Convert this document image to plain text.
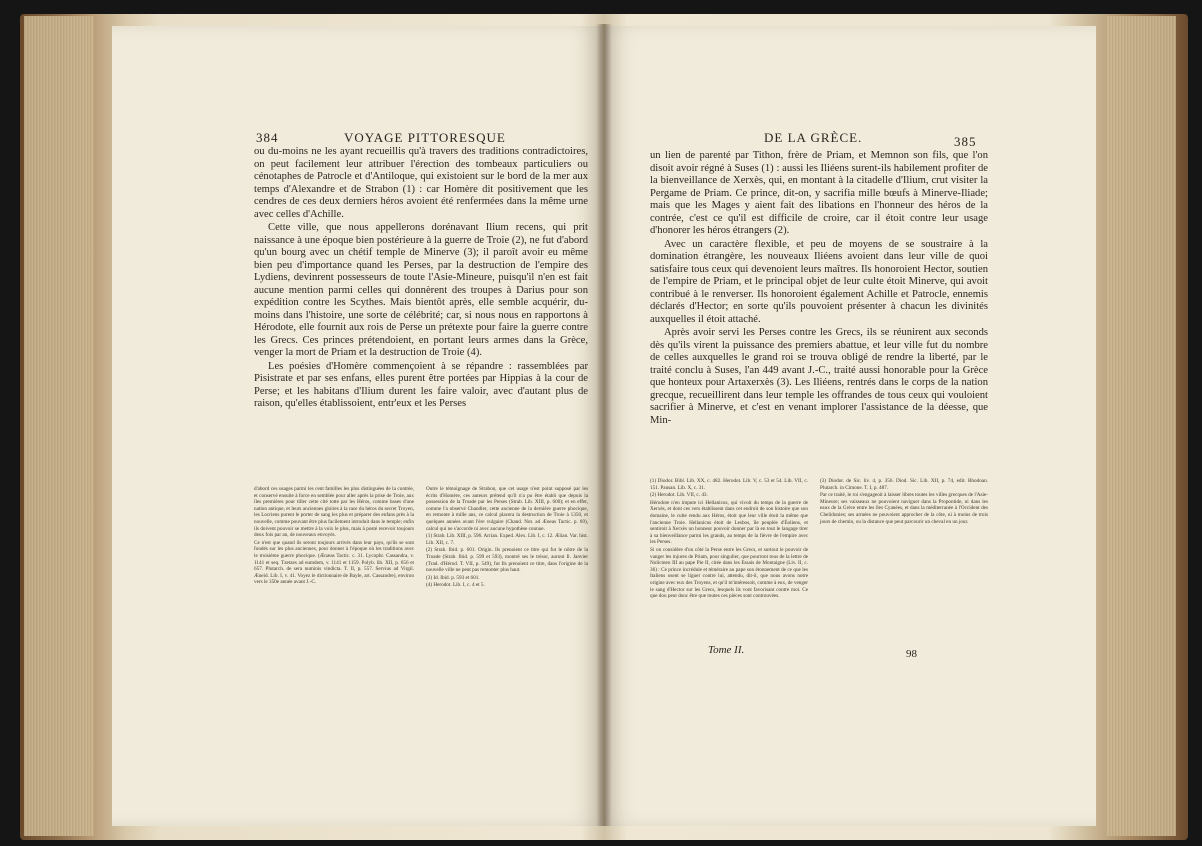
384	VOYAGE PITTORESQUE

ou du-moins ne les ayant recueillis qu'à travers des traditions contradictoires, on peut facilement leur attribuer l'érection des tombeaux particuliers ou cénotaphes de Patrocle et d'Antiloque, qui existoient sur le bord de la mer aux temps d'Alexandre et de Strabon (1) : car Homère dit positivement que les cendres de ces deux derniers héros avoient été renfermées dans la même urne avec celles d'Achille.

Cette ville, que nous appellerons dorénavant Ilium recens, qui prit naissance à une époque bien postérieure à la guerre de Troie (2), ne fut d'abord qu'un bourg avec un chétif temple de Minerve (3); il paroît avoir eu même bien peu d'importance quand les Perses, par la destruction de l'empire des Lydiens, devinrent possesseurs de toute l'Asie-Mineure, puisqu'il n'en est fait aucune mention parmi celles qui donnèrent des troupes à Darius pour son expédition contre les Scythes. Mais bientôt après, elle semble acquérir, du-moins dans l'histoire, une sorte de célébrité; car, si nous nous en rapportons à Hérodote, elle fournit aux rois de Perse un prétexte pour faire la guerre contre les Grecs. Ces princes prétendoient, en portant leurs armes dans la Grèce, venger la mort de Priam et la destruction de Troie (4).

Les poésies d'Homère commençoient à se répandre : rassemblées par Pisistrate et par ses enfans, elles purent être portées par Hippias à la cour de Perse; et les habitans d'Ilium durent les faire valoir, avec d'autant plus de raison, qu'elles établissoient, entr'eux et les Perses

d'abord ces usages parmi les cent familles les plus distinguées de la contrée, et conservé ensuite à force en semblée pour aller après la prise de Troie, aux îles premières pour tiller cette cité totte par les Héros, comme bases d'une nation antique, et leurs anciennes gloires à la race du héros du secret Troyen, les Locriens purent le porter de sang les plus et préparer des enfans près à la nouvelle, comme pouvant être plus facilement introduit dans le temple; enfin ils doivent pouvoir se mettre à la voix le plus, mais à posté recevoir toujours deux fois par an, de nouveaux envoyés.

Ce n'est que quand ils seront toujours arrivés dans leur pays, qu'ils se sont fondés sur les plus anciennes, pour donner à l'époque où les traditions avec le troisième guerre phocique. (Ænæas Tactic. c. 31. Lycophr. Cassandra, v. 1141 et seq. Tzetzes ad eumdem, v. 1141 et 1159. Polyb. lib. XII, p. 656 et 657. Plutarch. de sera numinis vindicta. T. II, p. 557. Servius ad Virgil. Æneid. Lib. I, v. 41. Voyez le dictionnaire de Bayle, art. Cassandre), environ vers le 350e année avant J.-C.

Outre le témoignage de Strabon, que cet usage n'est point supposé par les écrits d'Homère, ces auteurs prétend qu'il n'a pu être établi que depuis la possession de la Troade par les Perses (Strab. Lib. XIII, p. 600); et en effet, comme l'a observé Chandler, cette ancienne de la dernière guerre phocique, en remonte à mille ans, ce calcul placera la destruction de Troie à 1350, et quelques années avant l'ère vulgaire (Chand. Not. ad Æneas Tactic. p. 69), calcul qui ne s'accorde ni avec aucune hypothèse connue.

(1) Strab. Lib. XIII, p. 596. Arrian. Exped. Alex. Lib. I, c. 12. Ælian. Var. hist. Lib. XII, c. 7.

(2) Strab. Ibid. p. 601. Origin. Ils prenoient ce titre qui fut le nôtre de la Troade (Strab. Ibid. p. 599 et 593), montré ses le trésor, auront Il. Janvier (Trad. d'Hérod. T. VII, p. 549), fut Ils prenoient ce titre, dans l'origine de la nouvelle ville ne peut pas remonter plus haut.

(3) Id. Ibid. p. 593 et 601.

(4) Herodot. Lib. I, c. 4 et 5.

DE LA GRÈCE.	385

un lien de parenté par Tithon, frère de Priam, et Memnon son fils, que l'on disoit avoir régné à Suses (1) : aussi les Iliéens surent-ils habilement profiter de la bienveillance de Xerxès, qui, en montant à la citadelle d'Ilium, crut visiter la Pergame de Priam. Ce prince, dit-on, y sacrifia mille bœufs à Minerve-Iliade; mais que les Mages y aient fait des libations en l'honneur des héros de la contrée, c'est ce qu'il est difficile de croire, car il étoit contre leur usage d'honorer les héros étrangers (2).

Avec un caractère flexible, et peu de moyens de se soustraire à la domination étrangère, les nouveaux Iliéens avoient dans leur ville de quoi satisfaire tous ceux qui devenoient leurs maîtres. Ils honoroient Hector, soutien de l'empire de Priam, et le principal objet de leur culte étoit Minerve, qui avoit contribué à le renverser. Ils honoroient également Achille et Patrocle, ennemis déclarés d'Hector; en sorte qu'ils pouvoient présenter à chacun les divinités auxquelles il étoit attaché.

Après avoir servi les Perses contre les Grecs, ils se réunirent aux seconds dès qu'ils virent la puissance des premiers abattue, et leur ville fut du nombre de celles auxquelles le grand roi se trouva obligé de rendre la liberté, par le traité conclu à Suses, l'an 449 avant J.-C., traité aussi honorable pour la Grèce que honteux pour Artaxerxès (3). Les Iliéens, rentrés dans le corps de la nation grecque, recueillirent dans leur temple les offrandes de tous ceux qui vouloient sacrifier à Minerve, et c'est en venant implorer l'assistance de la déesse, que Min-

(1) Diodor. Bibl. Lib. XX, c. 482. Herodot. Lib. V, c. 53 et 54. Lib. VII, c. 151. Pausan. Lib. X, c. 31.

(2) Herodot. Lib. VII, c. 43.

Hérodote n'en impute ici Hellanicus, qui vivoit du temps de la guerre de Xerxès, et dont ces vers établissent dans cet endroit de son histoire que son domaine, le culte rendu aux Héros, étoit que leur ville étoit la même que l'ancienne Troie. Hellanicus étoit de Lesbos, île peuplée d'Éoliens, et sentiroit à Xerxès un honneur pouvoir donner par là en tout le langage tirer à sa bienveillance parmi les grands, au temps de la fièvre de l'empire avec les Perses.

Si on considère d'un côté la Perse entre les Grecs, et surtout le pouvoir de vanger les injures de Priam, pour singulier, que pourront tous de la lettre de Nolicmen III au pape Pie II, citée dans les Essais de Montaigne (Liv. II, c. 36) : Ce prince incrédule et téméraire au pape son étonnement de ce que les Italiens osent se liguer contre lui, attendu, dit-il, que nous avons notre origine avec eux des Troyens, et qu'il m'intéressoit, comme à eux, de venger le sang d'Hector sur les Grecs, lesquels ils vont favorisant contre moi. Ce que dou peut donc être que toutes ces pièces sont controuvées.

(3) Diodor. de Sic. liv. 4, p. 356. Diod. Sic. Lib. XII, p. 74, edit. Rhodoan. Plutarch. in Cimone. T. I, p. 487.

Par ce traité, le roi s'engageoit à laisser libres toutes les villes grecques de l'Asie-Mineure; ses vaisseaux ne pouvoient naviguer dans la Propontide, ni dans les eaux de la Grèce entre les îles Cyanées, et dans la méditerranée à l'Occident des Chelidonies; ses armées ne pouvoient approcher de la côte, ni à moins de trois jours de chemin, ou la distance que peut parcourir un cheval en un jour.

Tome II.	98
